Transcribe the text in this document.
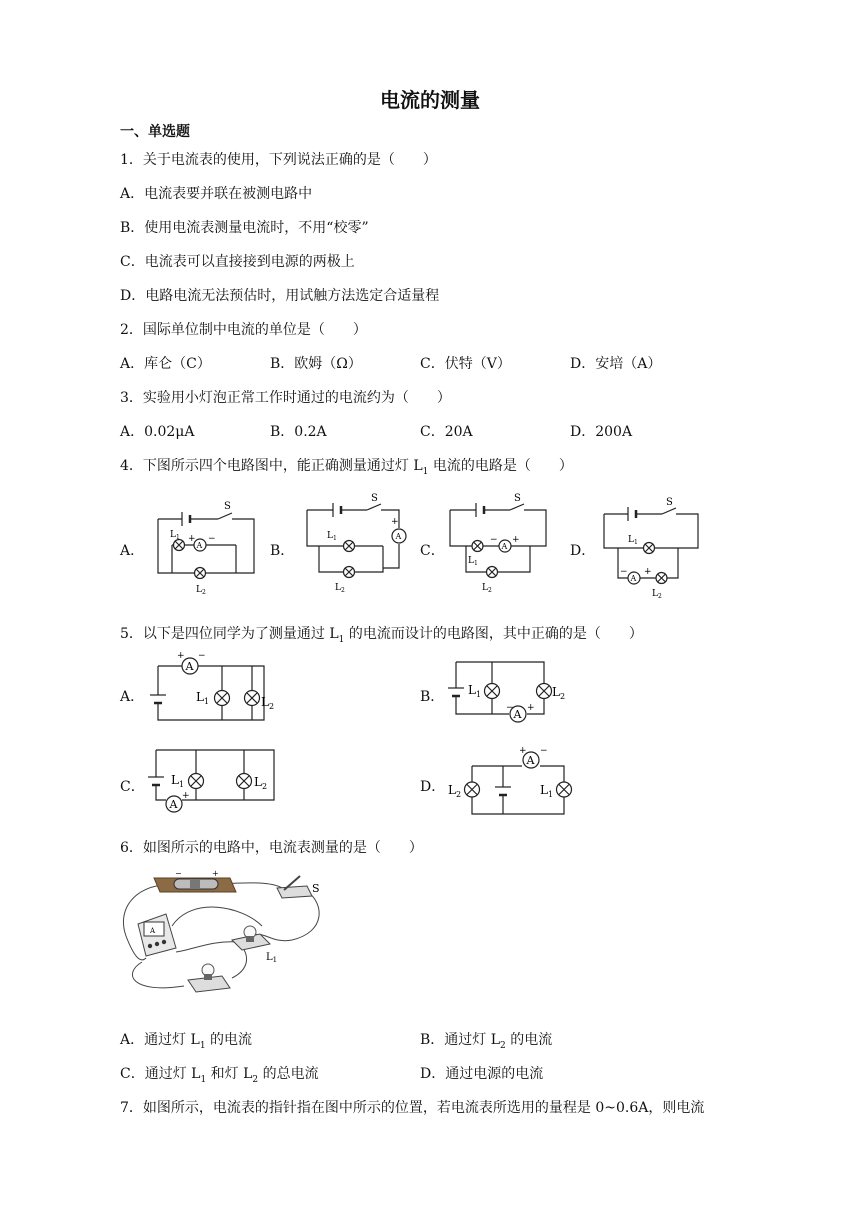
电流的测量
一、单选题
1．关于电流表的使用，下列说法正确的是（　　）
A．电流表要并联在被测电路中
B．使用电流表测量电流时，不用“校零”
C．电流表可以直接接到电源的两极上
D．电路电流无法预估时，用试触方法选定合适量程
2．国际单位制中电流的单位是（　　）
A．库仑（C）	B．欧姆（Ω）	C．伏特（V）	D．安培（A）
3．实验用小灯泡正常工作时通过的电流约为（　　）
A．0.02μA	B．0.2A	C．20A	D．200A
4．下图所示四个电路图中，能正确测量通过灯 $L_1$ 电流的电路是（　　）
A．	B．	C．	D．
S
A
$L_1$ + −
$L_2$
S
A
+
$L_1$
$L_2$
S
A
− +
$L_1$
$L_2$
S
A
− +
$L_1$
$L_2$
5．以下是四位同学为了测量通过 $L_1$ 的电流而设计的电路图，其中正确的是（　　）
A．	B．
C．	D．
A
+ −
$L_1$	$L_2$
A
− +
$L_1$	$L_2$
A
+
$L_1$	$L_2$
A
+ −
$L_2$	$L_1$
6．如图所示的电路中，电流表测量的是（　　）
−	+
S
A
$L_1$
A．通过灯 $L_1$ 的电流	B．通过灯 $L_2$ 的电流
C．通过灯 $L_1$ 和灯 $L_2$ 的总电流	D．通过电源的电流
7．如图所示，电流表的指针指在图中所示的位置，若电流表所选用的量程是 0~0.6A，则电流
